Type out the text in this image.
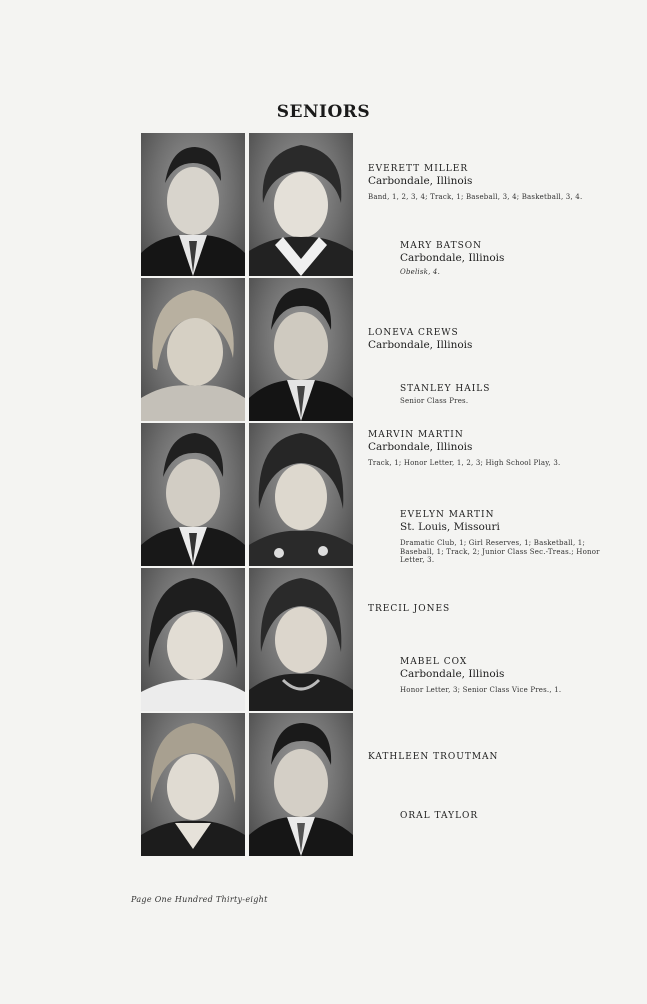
SENIORS
EVERETT MILLER
Carbondale, Illinois
Band, 1, 2, 3, 4; Track, 1; Baseball, 3, 4; Basketball, 3, 4.
MARY BATSON
Carbondale, Illinois
Obelisk, 4.
LONEVA CREWS
Carbondale, Illinois
STANLEY HAILS
Senior Class Pres.
MARVIN MARTIN
Carbondale, Illinois
Track, 1; Honor Letter, 1, 2, 3; High School Play, 3.
EVELYN MARTIN
St. Louis, Missouri
Dramatic Club, 1; Girl Reserves, 1; Basketball, 1; Baseball, 1; Track, 2; Junior Class Sec.-Treas.; Honor Letter, 3.
TRECIL JONES
MABEL COX
Carbondale, Illinois
Honor Letter, 3; Senior Class Vice Pres., 1.
KATHLEEN TROUTMAN
ORAL TAYLOR
Page One Hundred Thirty-eight
